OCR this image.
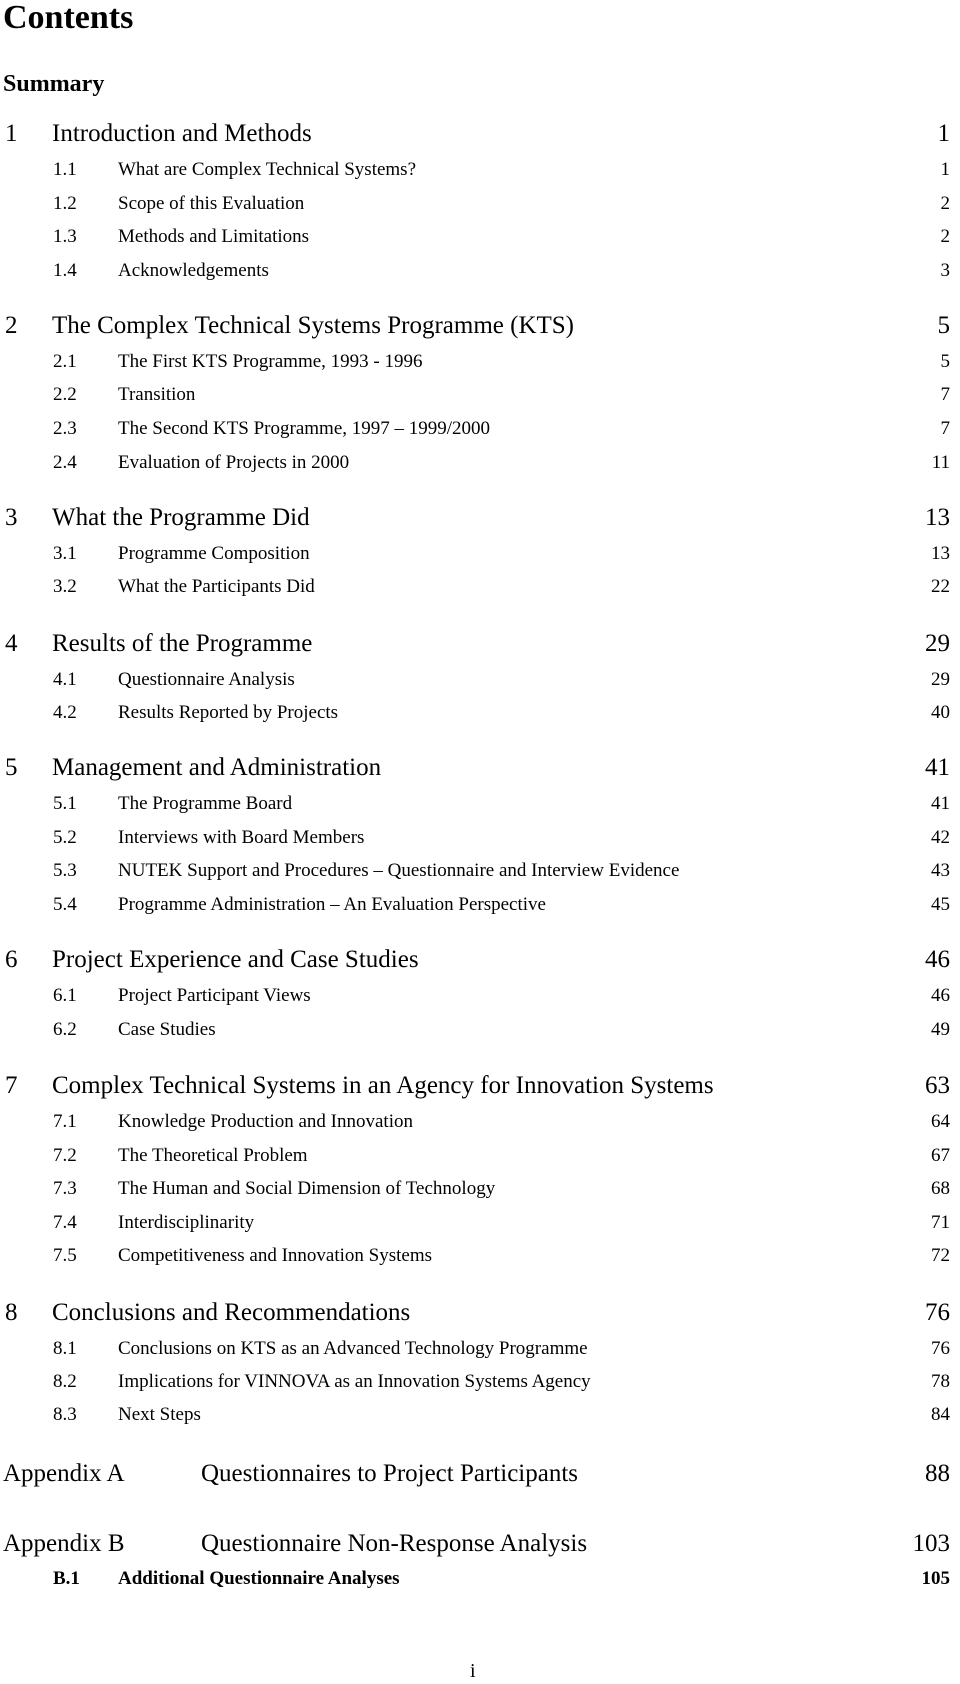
Contents
Summary
1 Introduction and Methods	1
1.1 What are Complex Technical Systems?	1
1.2 Scope of this Evaluation	2
1.3 Methods and Limitations	2
1.4 Acknowledgements	3
2 The Complex Technical Systems Programme (KTS)	5
2.1 The First KTS Programme, 1993 - 1996	5
2.2 Transition	7
2.3 The Second KTS Programme, 1997 – 1999/2000	7
2.4 Evaluation of Projects in 2000	11
3 What the Programme Did	13
3.1 Programme Composition	13
3.2 What the Participants Did	22
4 Results of the Programme	29
4.1 Questionnaire Analysis	29
4.2 Results Reported by Projects	40
5 Management and Administration	41
5.1 The Programme Board	41
5.2 Interviews with Board Members	42
5.3 NUTEK Support and Procedures – Questionnaire and Interview Evidence	43
5.4 Programme Administration – An Evaluation Perspective	45
6 Project Experience and Case Studies	46
6.1 Project Participant Views	46
6.2 Case Studies	49
7 Complex Technical Systems in an Agency for Innovation Systems	63
7.1 Knowledge Production and Innovation	64
7.2 The Theoretical Problem	67
7.3 The Human and Social Dimension of Technology	68
7.4 Interdisciplinarity	71
7.5 Competitiveness and Innovation Systems	72
8 Conclusions and Recommendations	76
8.1 Conclusions on KTS as an Advanced Technology Programme	76
8.2 Implications for VINNOVA as an Innovation Systems Agency	78
8.3 Next Steps	84
Appendix A	Questionnaires to Project Participants	88
Appendix B	Questionnaire Non-Response Analysis	103
B.1 Additional Questionnaire Analyses	105
i
